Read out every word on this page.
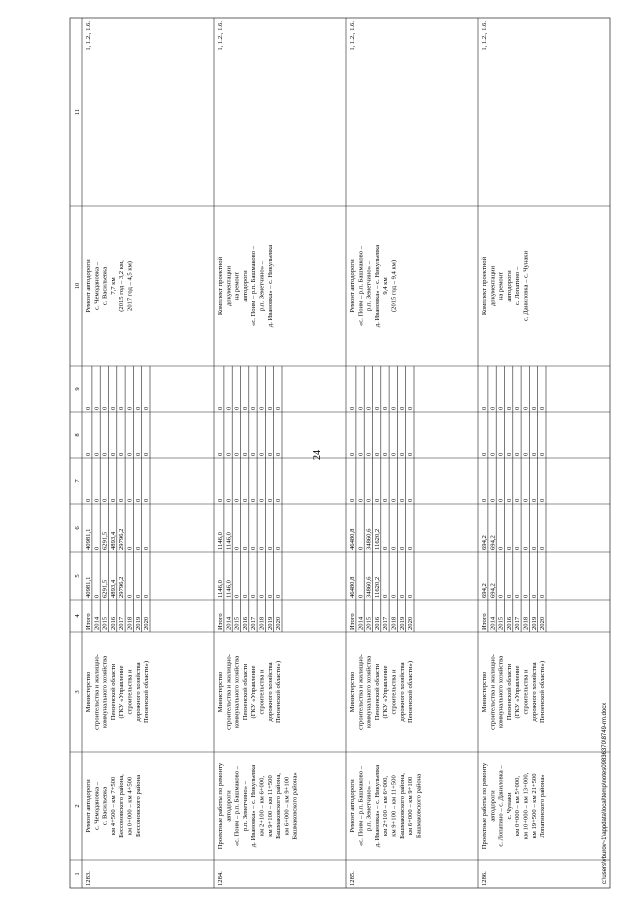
24
1
2
3
4
5
6
7
8
9
10
11
1283.
Ремонт автодороги с. Чемодановка – с. Васильевка км 4+500 – км 7+500 Бессоновского района, км 0+000 – км 4+500 Бессоновского района
Министерство строительства и жилищно- коммунального хозяйства Пензенской области (ГКУ «Управление строительства и дорожного хозяйства Пензенской области»)
Итого 2014 2015 2016 2017 2018 2019 2020
40981,1 0 6291,5 4893,4 29796,2 0 0 0
40981,1 0 6291,5 4893,4 29796,2 0 0 0
0 0 0 0 0 0 0 0
0 0 0 0 0 0 0 0
0 0 0 0 0 0 0 0
Ремонт автодороги с. Чемодановка – с. Васильевка 7,7 км (2015 год – 3,2 км, 2017 год – 4,5 км)
1, 1.2., 1.6.
1284.
Проектные работы по ремонту автодороги «с. Поим – р.п. Башмаково – р.п. Земетчино» – д. Ивановка» – с. Никульевка км 2+100 – км 6+000, км 9+100 – км 11+500 Башмаковского района, км 6+000 – км 9+100 Башмаковского района»
Министерство строительства и жилищно- коммунального хозяйства Пензенской области (ГКУ «Управление строительства и дорожного хозяйства Пензенской области»)
Итого 2014 2015 2016 2017 2018 2019 2020
1146,0 1146,0 0 0 0 0 0 0
1146,0 1146,0 0 0 0 0 0 0
0 0 0 0 0 0 0 0
0 0 0 0 0 0 0 0
0 0 0 0 0 0 0 0
Комплект проектной документации на ремонт автодороги «с. Поим – р.п. Башмаково – р.п. Земетчино» – д. Ивановка» – с. Никульевка
1, 1.2., 1.6.
1285.
Ремонт автодороги «с. Поим – р.п. Башмаково – р.п. Земетчино» – д. Ивановка» – с. Никульевка км 2+100 – км 6+000, км 9+100 – км 11+500 Башмаковского района, км 6+000 – км 9+100 Башмаковского района
Министерство строительства и жилищно- коммунального хозяйства Пензенской области (ГКУ «Управление строительства и дорожного хозяйства Пензенской области»)
Итого 2014 2015 2016 2017 2018 2019 2020
46480,8 0 34860,6 11620,2 0 0 0 0
46480,8 0 34860,6 11620,2 0 0 0 0
0 0 0 0 0 0 0 0
0 0 0 0 0 0 0 0
0 0 0 0 0 0 0 0
Ремонт автодороги «с. Поим – р.п. Башмаково – р.п. Земетчино» – д. Ивановка» – с. Никульевка 9,4 км (2015 год – 9,4 км)
1, 1.2., 1.6.
1286.
Проектные работы по ремонту автодороги с. Лопатино – с. Даниловка – с. Чунаки км 0+000 – км 5+000, км 10+000 – км 13+000, км 19+500 – км 21+500 Лопатинского района»
Министерство строительства и жилищно- коммунального хозяйства Пензенской области (ГКУ «Управление строительства и дорожного хозяйства Пензенской области»)
Итого 2014 2015 2016 2017 2018 2019 2020
694,2 694,2 0 0 0 0 0 0
694,2 694,2 0 0 0 0 0 0
0 0 0 0 0 0 0 0
0 0 0 0 0 0 0 0
0 0 0 0 0 0 0 0
Комплект проектной документации на ремонт автодороги с. Лопатино – с. Даниловка – с. Чунаки
1, 1.2., 1.6.
c:\users\vburov~1\appdata\local\temp\notes09836370\8749-rm.docx
